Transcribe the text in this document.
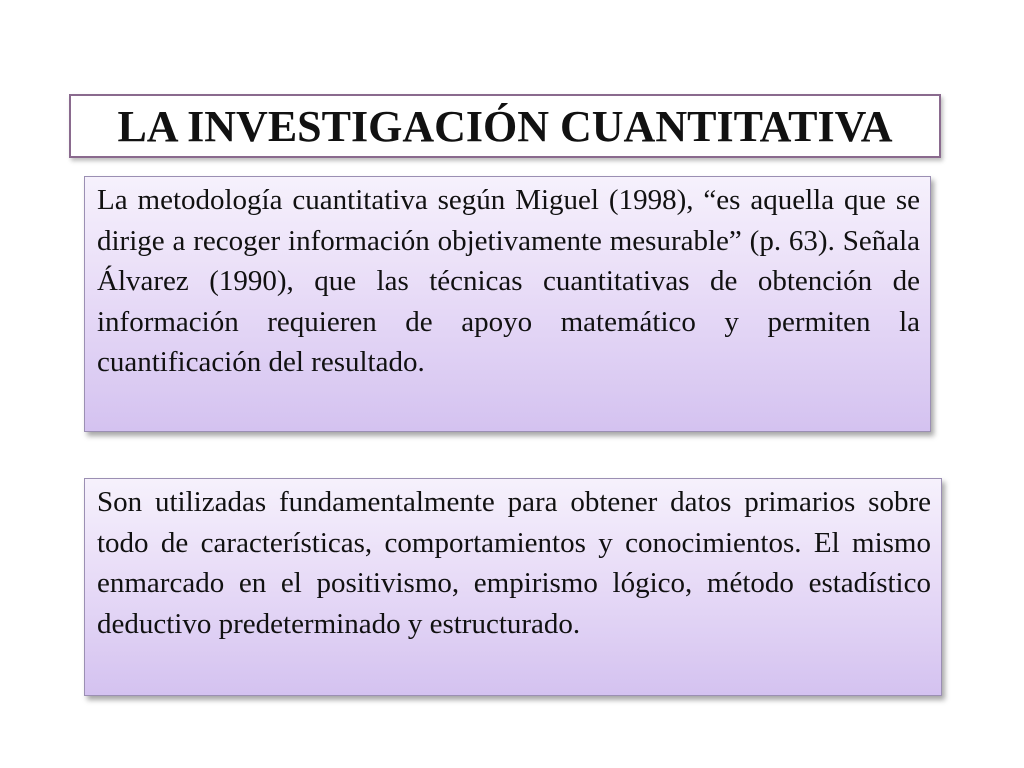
LA INVESTIGACIÓN CUANTITATIVA

La metodología cuantitativa según Miguel (1998), “es aquella que se dirige a recoger información objetivamente mesurable” (p. 63). Señala Álvarez (1990), que las técnicas cuantitativas de obtención de información requieren de apoyo matemático y permiten la cuantificación del resultado.

Son utilizadas fundamentalmente para obtener datos primarios sobre todo de características, comportamientos y conocimientos. El mismo enmarcado en el positivismo, empirismo lógico, método estadístico deductivo predeterminado y estructurado.
